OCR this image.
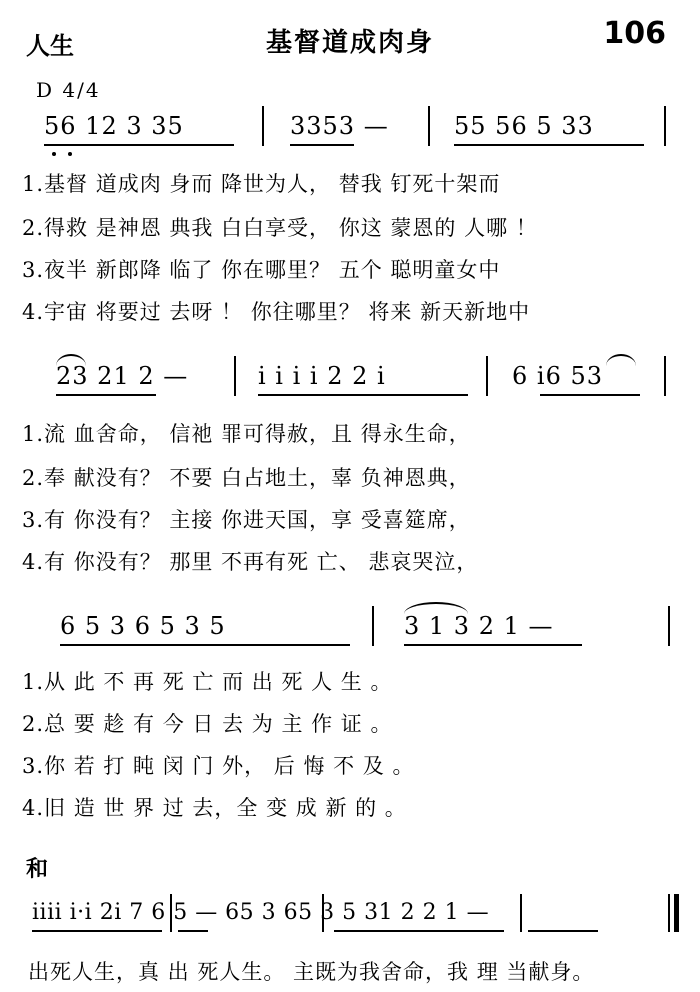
人生	基督道成肉身	106
D 4/4
56 12 3 35	3353 —	55 56 5 33
1.基督 道成肉 身而 降世为人， 替我 钉死十架而
2.得救 是神恩 典我 白白享受， 你这 蒙恩的 人哪 ！
3.夜半 新郎降 临了 你在哪里？ 五个 聪明童女中
4.宇宙 将要过 去呀 ！ 你往哪里？ 将来 新天新地中
23 21 2 —	i i i i 2 2 i	6 i6 53
1.流 血舍命， 信祂 罪可得赦，且 得永生命，
2.奉 献没有？ 不要 白占地土，辜 负神恩典，
3.有 你没有？ 主接 你进天国，享 受喜筵席，
4.有 你没有？ 那里 不再有死 亡、 悲哀哭泣，
6 5 3 6 5 3 5	3 1 3 2 1 —
1.从 此 不 再 死 亡 而 出 死 人 生 。
2.总 要 趁 有 今 日 去 为 主 作 证 。
3.你 若 打 盹 闵 门 外， 后 悔 不 及 。
4.旧 造 世 界 过 去，全 变 成 新 的 。
和
iiii i·i 2i 7 6 5 — 65 3 65 3 5 31 2 2 1 —
出死人生，真 出 死人生。 主既为我舍命，我 理 当献身。
